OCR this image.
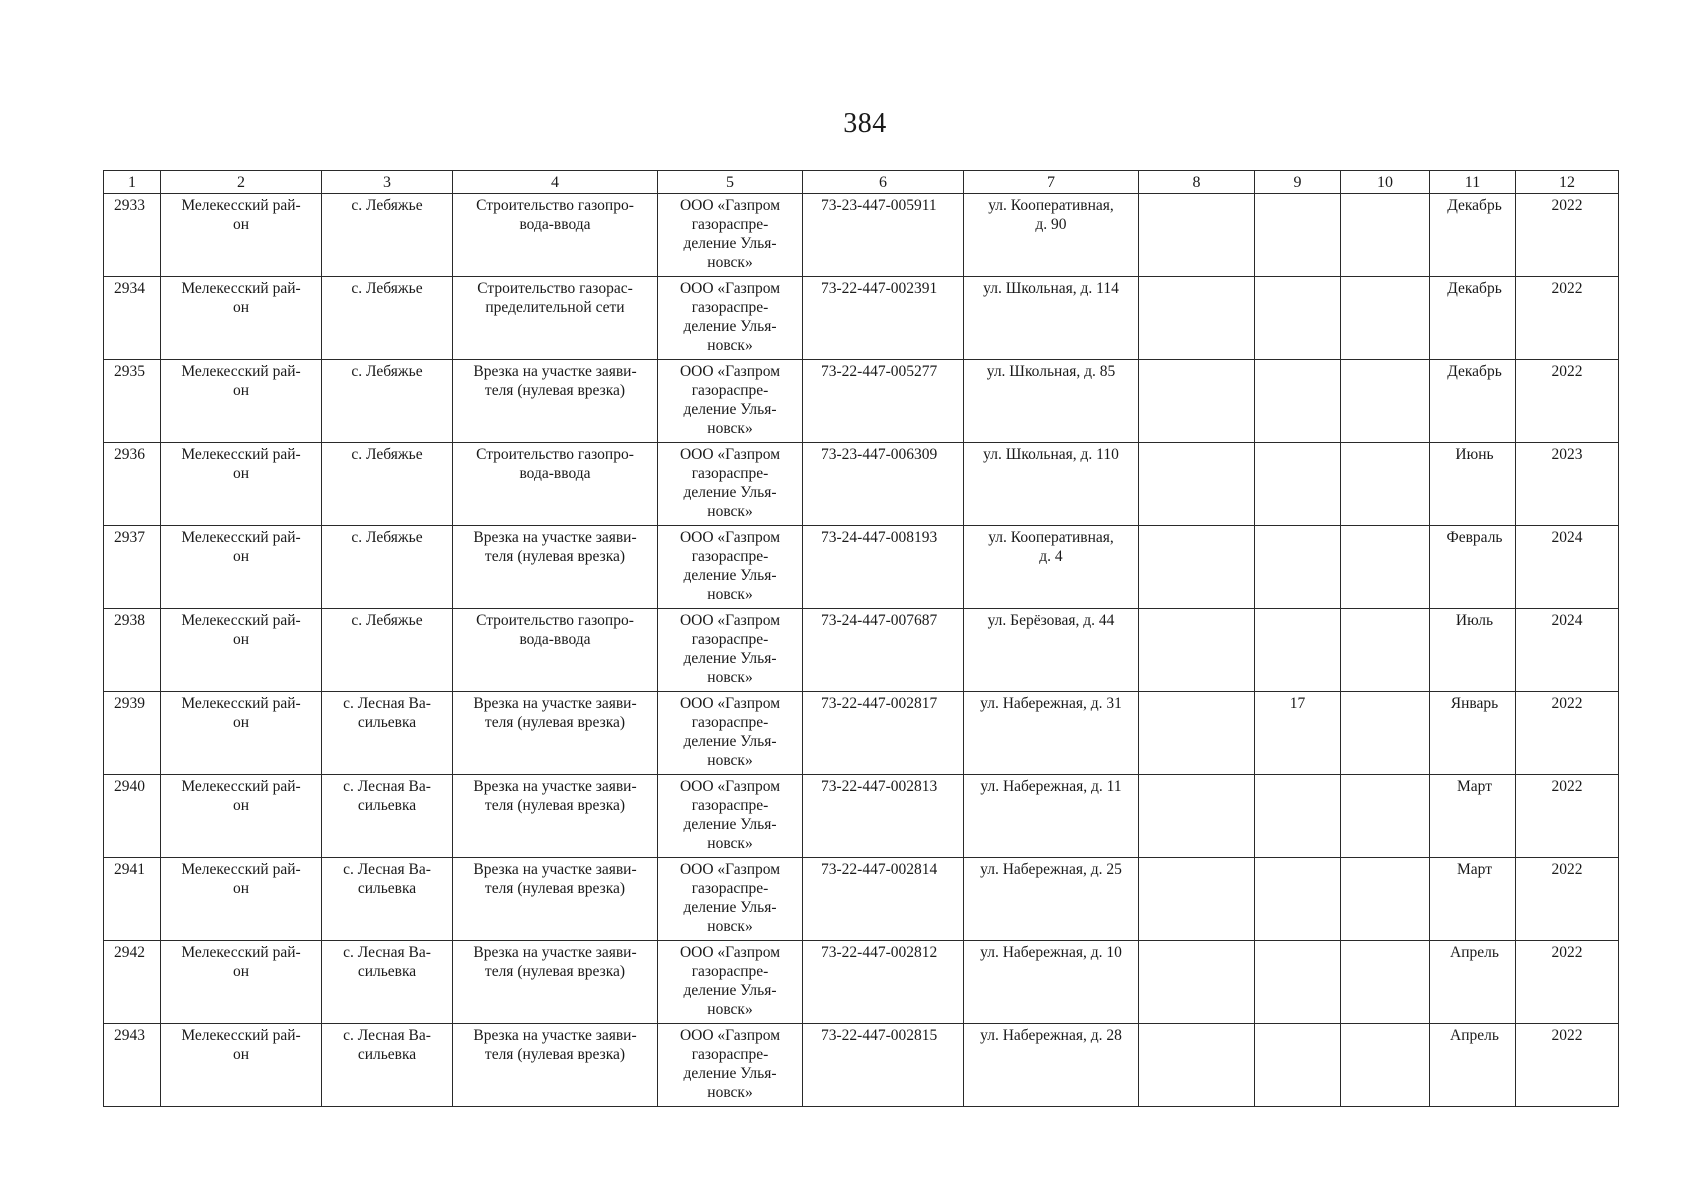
384
1	2	3	4	5	6	7	8	9	10	11	12

2933	Мелекесский рай-
он	с. Лебяжье	Строительство газопро-
вода-ввода	ООО «Газпром
газораспре-
деление Улья-
новск»	73-23-447-005911	ул. Кооперативная,
д. 90				Декабрь	2022

2934	Мелекесский рай-
он	с. Лебяжье	Строительство газорас-
пределительной сети	ООО «Газпром
газораспре-
деление Улья-
новск»	73-22-447-002391	ул. Школьная, д. 114				Декабрь	2022

2935	Мелекесский рай-
он	с. Лебяжье	Врезка на участке заяви-
теля (нулевая врезка)	ООО «Газпром
газораспре-
деление Улья-
новск»	73-22-447-005277	ул. Школьная, д. 85				Декабрь	2022

2936	Мелекесский рай-
он	с. Лебяжье	Строительство газопро-
вода-ввода	ООО «Газпром
газораспре-
деление Улья-
новск»	73-23-447-006309	ул. Школьная, д. 110				Июнь	2023

2937	Мелекесский рай-
он	с. Лебяжье	Врезка на участке заяви-
теля (нулевая врезка)	ООО «Газпром
газораспре-
деление Улья-
новск»	73-24-447-008193	ул. Кооперативная,
д. 4				Февраль	2024

2938	Мелекесский рай-
он	с. Лебяжье	Строительство газопро-
вода-ввода	ООО «Газпром
газораспре-
деление Улья-
новск»	73-24-447-007687	ул. Берёзовая, д. 44				Июль	2024

2939	Мелекесский рай-
он	с. Лесная Ва-
сильевка	Врезка на участке заяви-
теля (нулевая врезка)	ООО «Газпром
газораспре-
деление Улья-
новск»	73-22-447-002817	ул. Набережная, д. 31		17		Январь	2022

2940	Мелекесский рай-
он	с. Лесная Ва-
сильевка	Врезка на участке заяви-
теля (нулевая врезка)	ООО «Газпром
газораспре-
деление Улья-
новск»	73-22-447-002813	ул. Набережная, д. 11				Март	2022

2941	Мелекесский рай-
он	с. Лесная Ва-
сильевка	Врезка на участке заяви-
теля (нулевая врезка)	ООО «Газпром
газораспре-
деление Улья-
новск»	73-22-447-002814	ул. Набережная, д. 25				Март	2022

2942	Мелекесский рай-
он	с. Лесная Ва-
сильевка	Врезка на участке заяви-
теля (нулевая врезка)	ООО «Газпром
газораспре-
деление Улья-
новск»	73-22-447-002812	ул. Набережная, д. 10				Апрель	2022

2943	Мелекесский рай-
он	с. Лесная Ва-
сильевка	Врезка на участке заяви-
теля (нулевая врезка)	ООО «Газпром
газораспре-
деление Улья-
новск»	73-22-447-002815	ул. Набережная, д. 28				Апрель	2022
